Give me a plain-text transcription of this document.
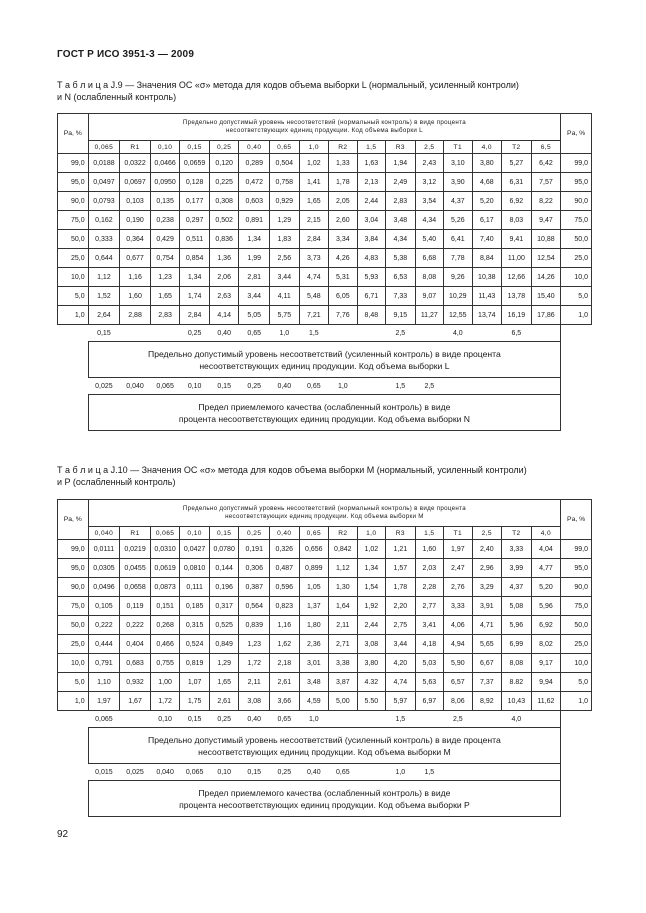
ГОСТ Р ИСО 3951-3 — 2009
Т а б л и ц а J.9 — Значения ОС «σ» метода для кодов объема выборки L (нормальный, усиленный контроли)
и N (ослабленный контроль)
Pa, %	Предельно допустимый уровень несоответствий (нормальный контроль) в виде процента
несоответствующих единиц продукции. Код объема выборки L																Pa, %
	0,065	R1	0,10	0,15	0,25	0,40	0,65	1,0	R2	1,5	R3	2,5	T1	4,0	T2	6,5	
99,0	0,0188	0,0322	0,0466	0,0659	0,120	0,289	0,504	1,02	1,33	1,63	1,94	2,43	3,10	3,80	5,27	6,42	99,0
95,0	0,0497	0,0697	0,0950	0,128	0,225	0,472	0,758	1,41	1,78	2,13	2,49	3,12	3,90	4,68	6,31	7,57	95,0
90,0	0,0793	0,103	0,135	0,177	0,308	0,603	0,929	1,65	2,05	2,44	2,83	3,54	4,37	5,20	6,92	8,22	90,0
75,0	0,162	0,190	0,238	0,297	0,502	0,891	1,29	2,15	2,60	3,04	3,48	4,34	5,26	6,17	8,03	9,47	75,0
50,0	0,333	0,364	0,429	0,511	0,836	1,34	1,83	2,84	3,34	3,84	4,34	5,40	6,41	7,40	9,41	10,88	50,0
25,0	0,644	0,677	0,754	0,854	1,36	1,99	2,56	3,73	4,26	4,83	5,38	6,68	7,78	8,84	11,00	12,54	25,0
10,0	1,12	1,16	1,23	1,34	2,06	2,81	3,44	4,74	5,31	5,93	6,53	8,08	9,26	10,38	12,66	14,26	10,0
5,0	1,52	1,60	1,65	1,74	2,63	3,44	4,11	5,48	6,05	6,71	7,33	9,07	10,29	11,43	13,78	15,40	5,0
1,0	2,64	2,88	2,83	2,84	4,14	5,05	5,75	7,21	7,76	8,48	9,15	11,27	12,55	13,74	16,19	17,86	1,0
	0,15			0,25	0,40	0,65	1,0	1,5			2,5		4,0		6,5		

	Предельно допустимый уровень несоответствий (усиленный контроль) в виде процента
несоответствующих единиц продукции. Код объема выборки L																

	0,025	0,040	0,065	0,10	0,15	0,25	0,40	0,65	1,0		1,5	2,5					

	Предел приемлемого качества (ослабленный контроль) в виде
процента несоответствующих единиц продукции. Код объема выборки N																
Т а б л и ц а J.10 — Значения ОС «σ» метода для кодов объема выборки M (нормальный, усиленный контроли)
и P (ослабленный контроль)
Pa, %	Предельно допустимый уровень несоответствий (нормальный контроль) в виде процента
несоответствующих единиц продукции. Код объема выборки M																Pa, %
	0,040	R1	0,065	0,10	0,15	0,25	0,40	0,65	R2	1,0	R3	1,5	T1	2,5	T2	4,0	
99,0	0,0111	0,0219	0,0310	0,0427	0,0780	0,191	0,326	0,656	0,842	1,02	1,21	1,60	1,97	2,40	3,33	4,04	99,0
95,0	0,0305	0,0455	0,0619	0,0810	0,144	0,306	0,487	0,899	1,12	1,34	1,57	2,03	2,47	2,96	3,99	4,77	95,0
90,0	0,0496	0,0658	0,0873	0,111	0,196	0,387	0,596	1,05	1,30	1,54	1,78	2,28	2,76	3,29	4,37	5,20	90,0
75,0	0,105	0,119	0,151	0,185	0,317	0,564	0,823	1,37	1,64	1,92	2,20	2,77	3,33	3,91	5,08	5,96	75,0
50,0	0,222	0,222	0,268	0,315	0,525	0,839	1,16	1,80	2,11	2,44	2,75	3,41	4,06	4,71	5,96	6,92	50,0
25,0	0,444	0,404	0,466	0,524	0,849	1,23	1,62	2,36	2,71	3,08	3,44	4,18	4,94	5,65	6,99	8,02	25,0
10,0	0,791	0,683	0,755	0,819	1,29	1,72	2,18	3,01	3,38	3,80	4,20	5,03	5,90	6,67	8,08	9,17	10,0
5,0	1,10	0,932	1,00	1,07	1,65	2,11	2,61	3,48	3,87	4.32	4,74	5,63	6,57	7,37	8.82	9,94	5,0
1,0	1,97	1,67	1,72	1,75	2,61	3,08	3,66	4,59	5,00	5.50	5,97	6,97	8,06	8,92	10,43	11,62	1,0
	0,065		0,10	0,15	0,25	0,40	0,65	1,0			1,5		2,5		4,0		

	Предельно допустимый уровень несоответствий (усиленный контроль) в виде процента
несоответствующих единиц продукции. Код объема выборки M																

	0,015	0,025	0,040	0,065	0,10	0,15	0,25	0,40	0,65		1,0	1,5					

	Предел приемлемого качества (ослабленный контроль) в виде
процента несоответствующих единиц продукции. Код объема выборки P																
92
